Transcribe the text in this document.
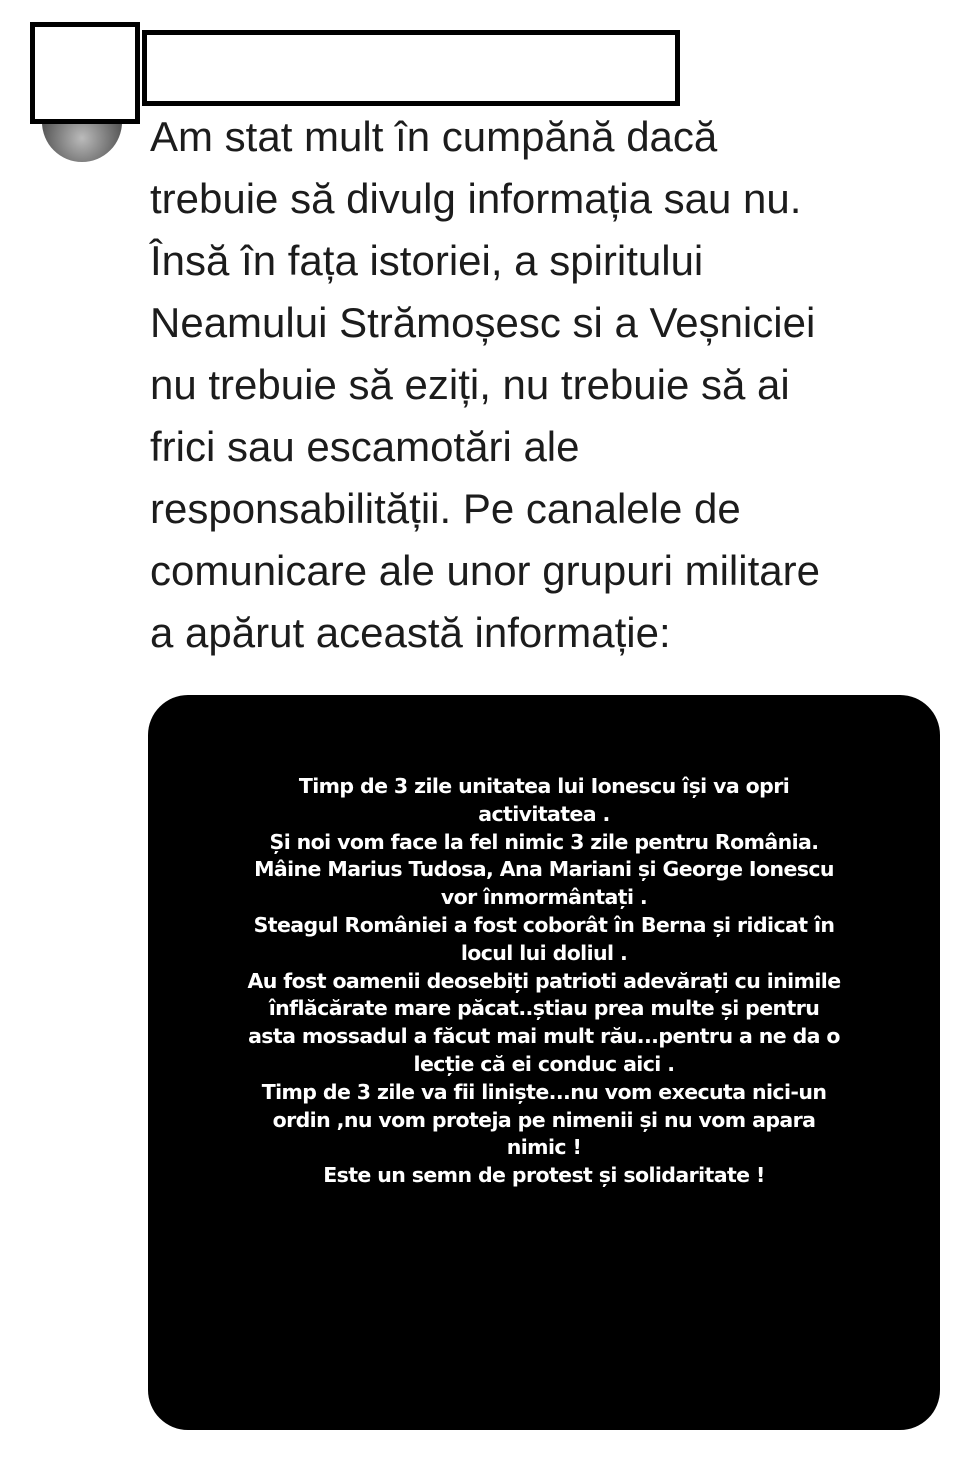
Am stat mult în cumpănă dacă
trebuie să divulg informația sau nu.
Însă în fața istoriei, a spiritului
Neamului Strămoșesc si a Veșniciei
nu trebuie să eziți, nu trebuie să ai
frici sau escamotări ale
responsabilității. Pe canalele de
comunicare ale unor grupuri militare
a apărut această informație:
Timp de 3 zile unitatea lui Ionescu își va opri
activitatea .
Și noi vom face la fel nimic 3 zile pentru România.
Mâine Marius Tudosa, Ana Mariani și George Ionescu
vor înmormântați .
Steagul României a fost coborât în Berna și ridicat în
locul lui doliul .
Au fost oamenii deosebiți patrioti adevărați cu inimile
înflăcărate mare păcat..știau prea multe și pentru
asta mossadul a făcut mai mult rău...pentru a ne da o
lecție că ei conduc aici .
Timp de 3 zile va fii liniște...nu vom executa nici-un
ordin ,nu vom proteja pe nimenii și nu vom apara
nimic !
Este un semn de protest și solidaritate !
